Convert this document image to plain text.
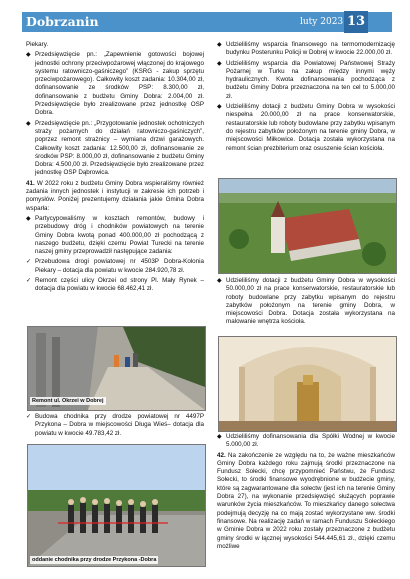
Dobrzanin	luty 2023 13
Piekary.
◆ Przedsięwzięcie pn.: „Zapewnienie gotowości bojowej jednostki ochrony przeciwpożarowej włączonej do krajowego systemu ratowniczo-gaśniczego” (KSRG - zakup sprzętu przeciwpożarowego). Całkowity koszt zadania: 10.304,00 zł, dofinansowanie ze środków PSP: 8.300,00 zł, dofinansowanie z budżetu Gminy Dobra: 2.004,00 zł. Przedsięwzięcie było zrealizowane przez jednostkę OSP Dobra.
◆ Przedsięwzięcie pn.: „Przygotowanie jednostek ochotniczych straży pożarnych do działań ratowniczo-gaśniczych”, poprzez remont strażnicy – wymiana drzwi garażowych. Całkowity koszt zadania: 12.500,00 zł, dofinansowanie ze środków PSP: 8.000,00 zł, dofinansowanie z budżetu Gminy Dobra: 4.500,00 zł. Przedsięwzięcie było zrealizowane przez jednostkę OSP Dąbrowica.
41. W 2022 roku z budżetu Gminy Dobra wspieraliśmy również zadania innych jednostek i instytucji w zakresie ich potrzeb i pomysłów. Poniżej prezentujemy działania jakie Gmina Dobra wsparła:
◆ Partycypowaliśmy w kosztach remontów, budowy i przebudowy dróg i chodników powiatowych na terenie Gminy Dobra kwotą ponad 400.000,00 zł pochodzącą z naszego budżetu, dzięki czemu Powiat Turecki na terenie naszej gminy przeprowadził następujące zadania:
✓ Przebudowa drogi powiatowej nr 4503P Dobra-Kolonia Piekary – dotacja dla powiatu w kwocie 284.920,78 zł.
✓ Remont części ulicy Okrzei od strony Pl. Mały Rynek – dotacja dla powiatu w kwocie 68.462,41 zł.
Remont ul. Okrzei w Dobrej
✓ Budowa chodnika przy drodze powiatowej nr 4497P Przykona – Dobra w miejscowości Długa Wieś– dotacja dla powiatu w kwocie 49.783,42 zł.
oddanie chodnika przy drodze Przykona -Dobra
◆ Udzieliliśmy wsparcia finansowego na termomodernizację budynku Posterunku Policji w Dobrej w kwocie 22.000,00 zł.
◆ Udzieliliśmy wsparcia dla Powiatowej Państwowej Straży Pożarnej w Turku na zakup między innymi węży hydraulicznych. Kwota dofinansowania pochodząca z budżetu Gminy Dobra przeznaczona na ten cel to 5.000,00 zł.
◆ Udzieliliśmy dotacji z budżetu Gminy Dobra w wysokości niespełna 20.000,00 zł na prace konserwatorskie, restauratorskie lub roboty budowlane przy zabytku wpisanym do rejestru zabytków położonym na terenie gminy Dobra, w miejscowości Miłkowice. Dotacja została wykorzystana na remont ścian prezbiterium oraz osuszenie ścian kościoła.
◆ Udzieliliśmy dotacji z budżetu Gminy Dobra w wysokości 50.000,00 zł na prace konserwatorskie, restauratorskie lub roboty budowlane przy zabytku wpisanym do rejestru zabytków położonym na terenie gminy Dobra, w miejscowości Dobra. Dotacja została wykorzystana na malowanie wnętrza kościoła.
◆ Udzieliliśmy dofinansowania dla Spółki Wodnej w kwocie 5.000,00 zł.
42. Na zakończenie ze względu na to, że ważne mieszkańców Gminy Dobra każdego roku zajmują środki przeznaczone na Fundusz Sołecki, chcę przypomnieć Państwu, że Fundusz Sołecki, to środki finansowe wyodrębnione w budżecie gminy, które są zagwarantowane dla sołectw (jest ich na terenie Gminy Dobra 27), na wykonanie przedsięwzięć służących poprawie warunków życia mieszkańców. To mieszkańcy danego sołectwa podejmują decyzję na co mają zostać wykorzystane ww. środki finansowe. Na realizację zadań w ramach Funduszu Sołeckiego w Gminie Dobra w 2022 roku zostały przeznaczone z budżetu gminy środki w łącznej wysokości 544.445,61 zł., dzięki czemu możliwe
